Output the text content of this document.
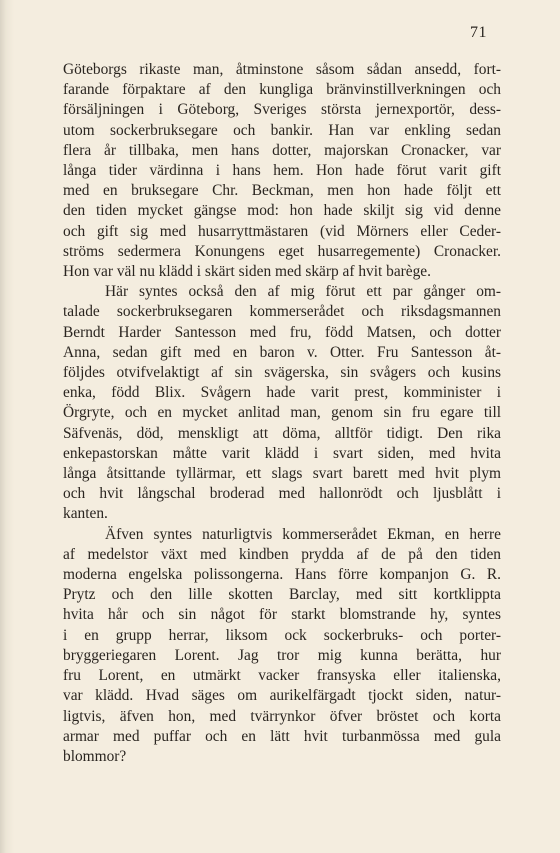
71
Göteborgs rikaste man, åtminstone såsom sådan ansedd, fort-
farande förpaktare af den kungliga bränvinstillverkningen och
försäljningen i Göteborg, Sveriges största jernexportör, dess-
utom sockerbruksegare och bankir. Han var enkling sedan
flera år tillbaka, men hans dotter, majorskan Cronacker, var
långa tider värdinna i hans hem. Hon hade förut varit gift
med en bruksegare Chr. Beckman, men hon hade följt ett
den tiden mycket gängse mod: hon hade skiljt sig vid denne
och gift sig med husarryttmästaren (vid Mörners eller Ceder-
ströms sedermera Konungens eget husarregemente) Cronacker.
Hon var väl nu klädd i skärt siden med skärp af hvit barège.
Här syntes också den af mig förut ett par gånger om-
talade sockerbruksegaren kommerserådet och riksdagsmannen
Berndt Harder Santesson med fru, född Matsen, och dotter
Anna, sedan gift med en baron v. Otter. Fru Santesson åt-
följdes otvifvelaktigt af sin svägerska, sin svågers och kusins
enka, född Blix. Svågern hade varit prest, komminister i
Örgryte, och en mycket anlitad man, genom sin fru egare till
Säfvenäs, död, menskligt att döma, alltför tidigt. Den rika
enkepastorskan måtte varit klädd i svart siden, med hvita
långa åtsittande tyllärmar, ett slags svart barett med hvit plym
och hvit långschal broderad med hallonrödt och ljusblått i
kanten.
Äfven syntes naturligtvis kommerserådet Ekman, en herre
af medelstor växt med kindben prydda af de på den tiden
moderna engelska polissongerna. Hans förre kompanjon G. R.
Prytz och den lille skotten Barclay, med sitt kortklippta
hvita hår och sin något för starkt blomstrande hy, syntes
i en grupp herrar, liksom ock sockerbruks- och porter-
bryggeriegaren Lorent. Jag tror mig kunna berätta, hur
fru Lorent, en utmärkt vacker fransyska eller italienska,
var klädd. Hvad säges om aurikelfärgadt tjockt siden, natur-
ligtvis, äfven hon, med tvärrynkor öfver bröstet och korta
armar med puffar och en lätt hvit turbanmössa med gula
blommor?
